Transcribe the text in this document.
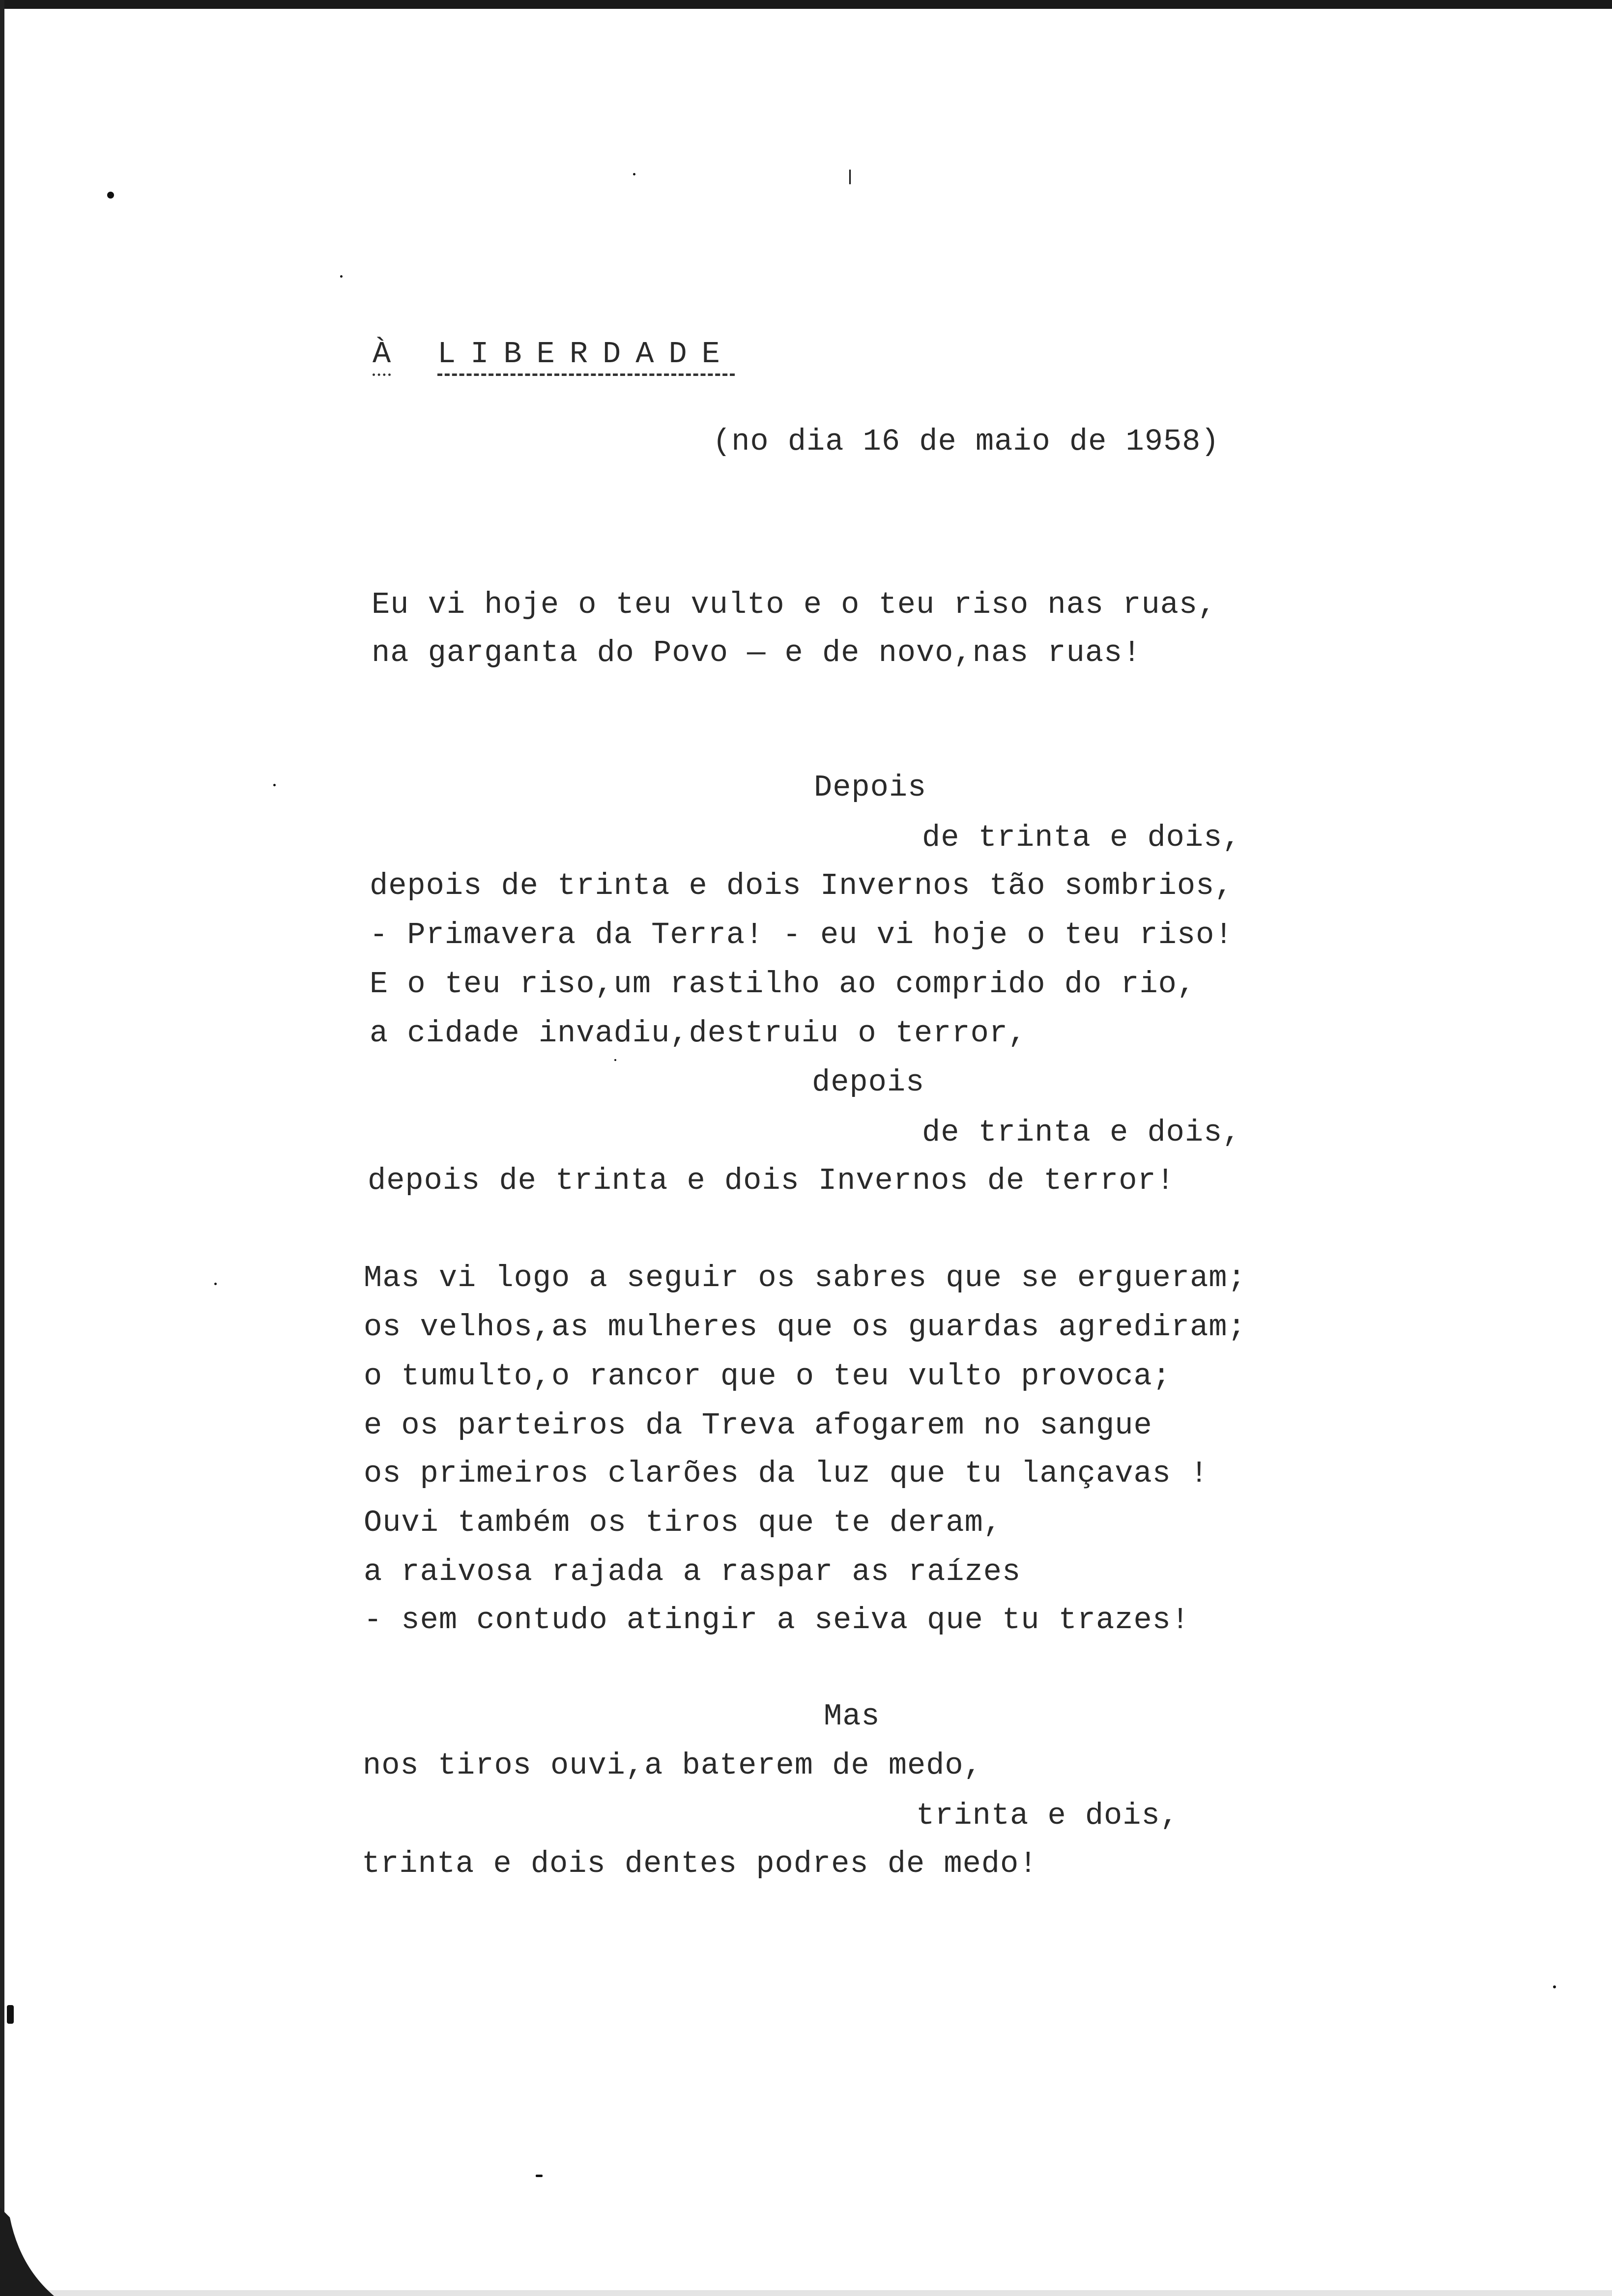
À LIBERDADE
(no dia 16 de maio de 1958)
Eu vi hoje o teu vulto e o teu riso nas ruas,
na garganta do Povo — e de novo,nas ruas!
Depois
de trinta e dois,
depois de trinta e dois Invernos tão sombrios,
- Primavera da Terra! - eu vi hoje o teu riso!
E o teu riso,um rastilho ao comprido do rio,
a cidade invadiu,destruiu o terror,
depois
de trinta e dois,
depois de trinta e dois Invernos de terror!
Mas vi logo a seguir os sabres que se ergueram;
os velhos,as mulheres que os guardas agrediram;
o tumulto,o rancor que o teu vulto provoca;
e os parteiros da Treva afogarem no sangue
os primeiros clarões da luz que tu lançavas !
Ouvi também os tiros que te deram,
a raivosa rajada a raspar as raízes
- sem contudo atingir a seiva que tu trazes!
Mas
nos tiros ouvi,a baterem de medo,
trinta e dois,
trinta e dois dentes podres de medo!
